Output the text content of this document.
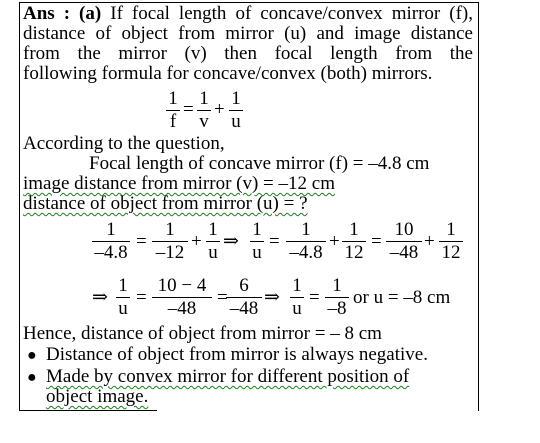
Ans : (a) If focal length of concave/convex mirror (f),
distance of object from mirror (u) and image distance
from the mirror (v) then focal length from the
following formula for concave/convex (both) mirrors.
1
f
=
1
v
+
1
u
According to the question,
Focal length of concave mirror (f) = –4.8 cm
image distance from mirror (v) = –12 cm
distance of object from mirror (u) = ?
1
–4.8
=
1
–12
+
1
u
⇒
1
u
=
1
–4.8
+
1
12
=
10
–48
+
1
12
⇒
1
u
=
10 − 4
–48
=
6
–48
⇒
1
u
=
1
–8
or u = –8 cm
Hence, distance of object from mirror = – 8 cm
● Distance of object from mirror is always negative.
● Made by convex mirror for different position of
object image.
